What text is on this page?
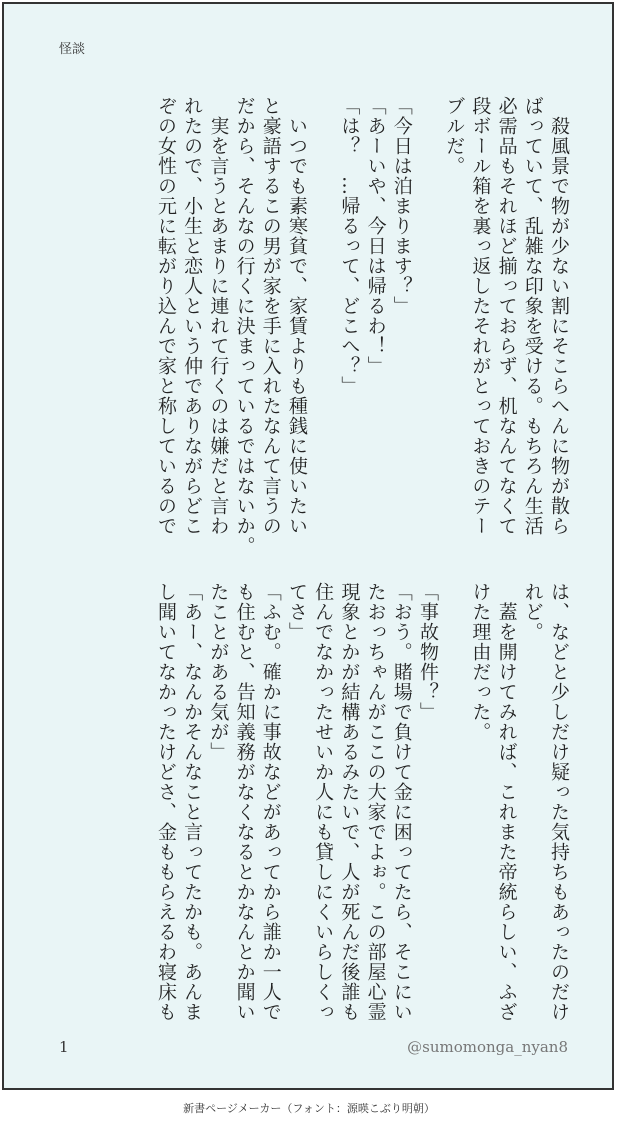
怪談
　殺風景で物が少ない割にそこらへんに物が散ら
ばっていて、乱雑な印象を受ける。もちろん生活
必需品もそれほど揃っておらず、机なんてなくて
段ボール箱を裏っ返したそれがとっておきのテー
ブルだ。

「今日は泊まります？」
「あーいや、今日は帰るわ！」
「は？　…帰るって、どこへ？」

　いつでも素寒貧で、家賃よりも種銭に使いたい
と豪語するこの男が家を手に入れたなんて言うの
だから、そんなの行くに決まっているではないか。
　実を言うとあまりに連れて行くのは嫌だと言わ
れたので、小生と恋人という仲でありながらどこ
ぞの女性の元に転がり込んで家と称しているので
は、などと少しだけ疑った気持ちもあったのだけ
れど。
　蓋を開けてみれば、これまた帝統らしい、ふざ
けた理由だった。

「事故物件？」
「おう。賭場で負けて金に困ってたら、そこにい
たおっちゃんがここの大家でよぉ。この部屋心霊
現象とかが結構あるみたいで、人が死んだ後誰も
住んでなかったせいか人にも貸しにくいらしくっ
てさ」
「ふむ。確かに事故などがあってから誰か一人で
も住むと、告知義務がなくなるとかなんとか聞い
たことがある気が」
「あー、なんかそんなこと言ってたかも。あんま
し聞いてなかったけどさ、金ももらえるわ寝床も
1	@sumomonga_nyan8
新書ページメーカー（フォント：源暎こぶり明朝）
